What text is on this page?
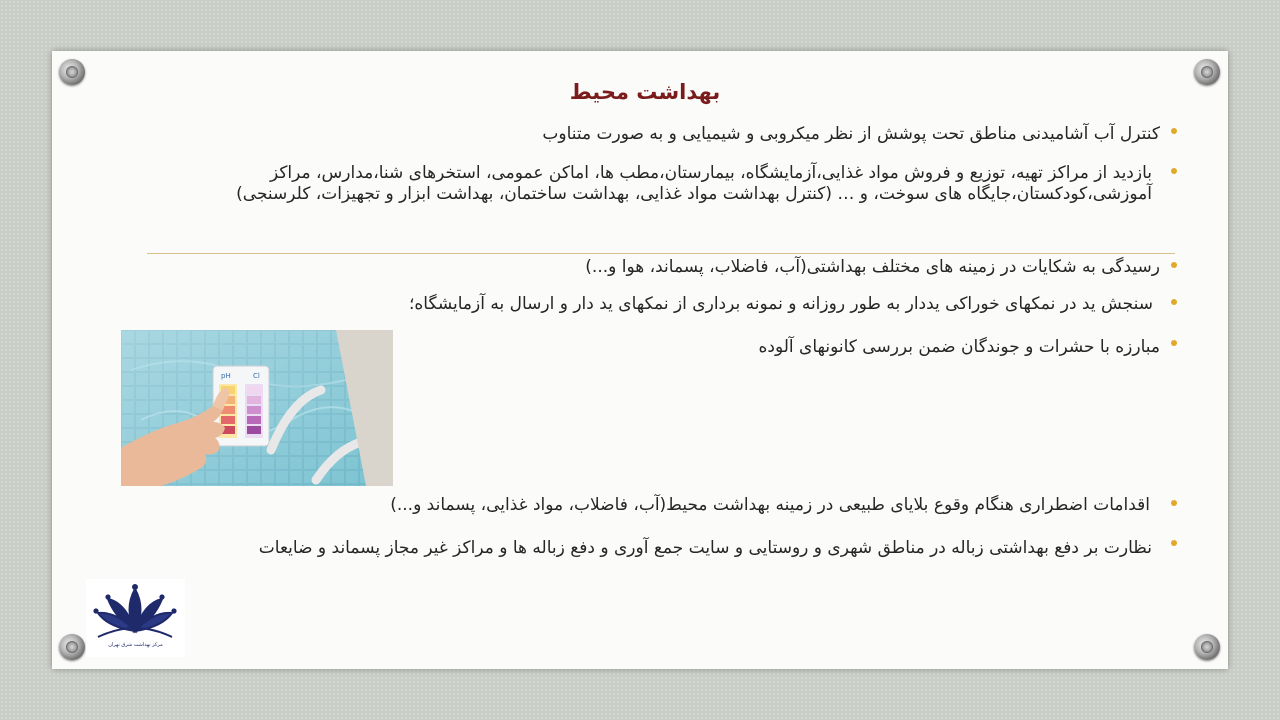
بهداشت محیط
کنترل آب آشامیدنی مناطق تحت پوشش از نظر میکروبی و شیمیایی و به صورت متناوب
بازدید از مراکز تهیه، توزیع و فروش مواد غذایی،آزمایشگاه، بیمارستان،مطب ها، اماکن عمومی، استخرهای شنا،مدارس، مراکز آموزشی،کودکستان،جایگاه های سوخت، و … (کنترل بهداشت مواد غذایی، بهداشت ساختمان، بهداشت ابزار و تجهیزات، کلرسنجی)
رسیدگی به شکایات در زمینه های مختلف بهداشتی(آب، فاضلاب، پسماند، هوا و...)
سنجش ید در نمکهای خوراکی یددار به طور روزانه و نمونه برداری از نمکهای ید دار و ارسال به آزمایشگاه؛
مبارزه با حشرات و جوندگان ضمن بررسی کانونهای آلوده
pH	Cl
اقدامات اضطراری هنگام وقوع بلایای طبیعی در زمینه بهداشت محیط(آب، فاضلاب، مواد غذایی، پسماند و...)
نظارت بر دفع بهداشتی زباله در مناطق شهری و روستایی و سایت جمع آوری و دفع زباله ها و مراکز غیر مجاز پسماند و ضایعات
مرکز بهداشت شرق تهران
